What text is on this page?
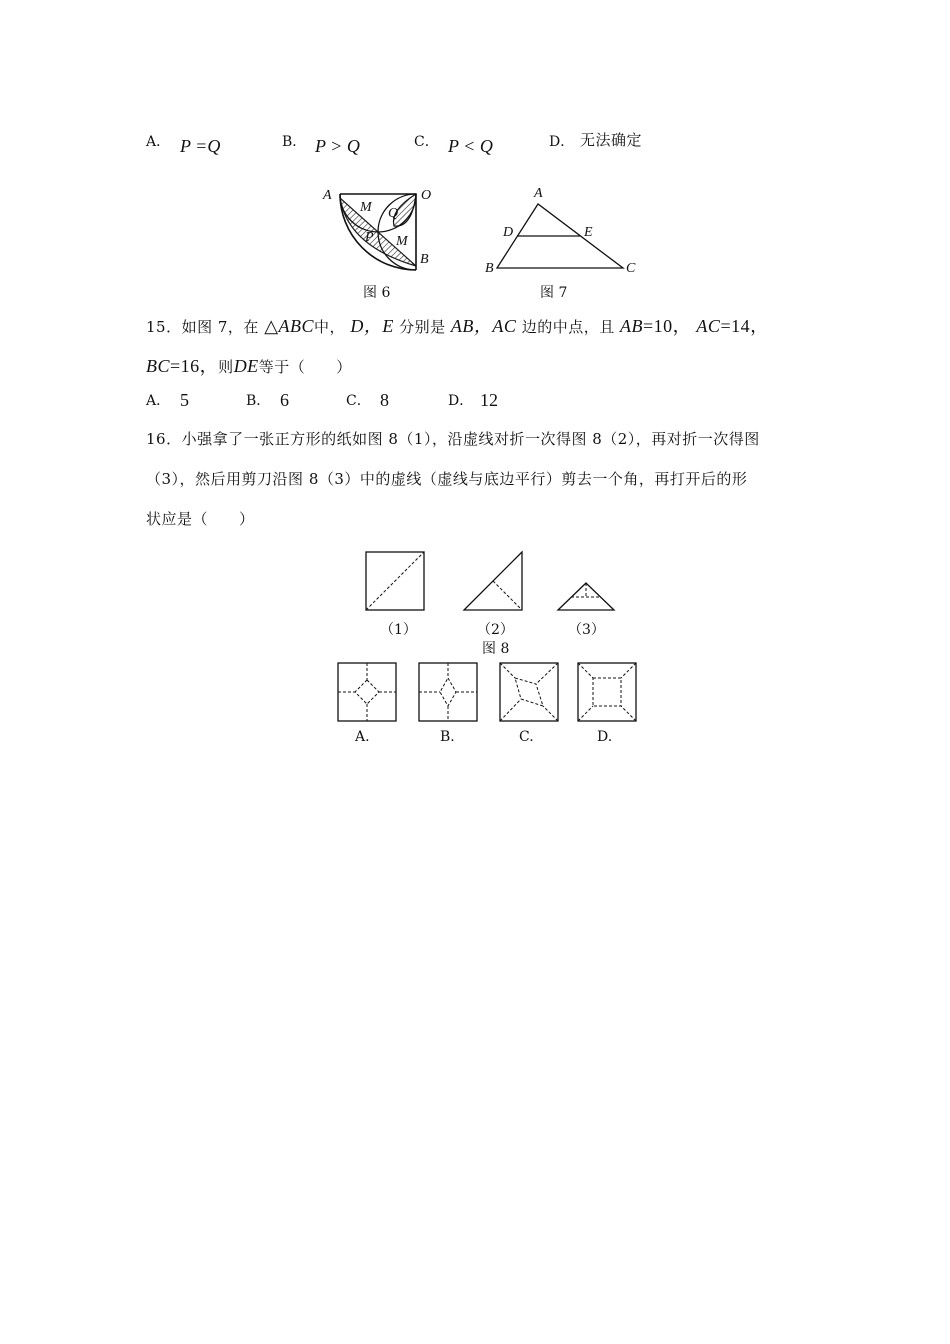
A． P =Q	B． P > Q	C． P < Q	D． 无法确定
A	O
B
M
M
Q
P
图 6
A
D	E
B	C
图 7
15．如图 7，在 △ABC中， D，E 分别是 AB，AC 边的中点，且 AB=10， AC=14，
BC=16，则DE等于（　　）
A． 5	B． 6	C． 8	D． 12
16．小强拿了一张正方形的纸如图 8（1），沿虚线对折一次得图 8（2），再对折一次得图
（3），然后用剪刀沿图 8（3）中的虚线（虚线与底边平行）剪去一个角，再打开后的形
状应是（　　）
（1）	（2）	（3）
图 8
A.	B.	C.	D.
